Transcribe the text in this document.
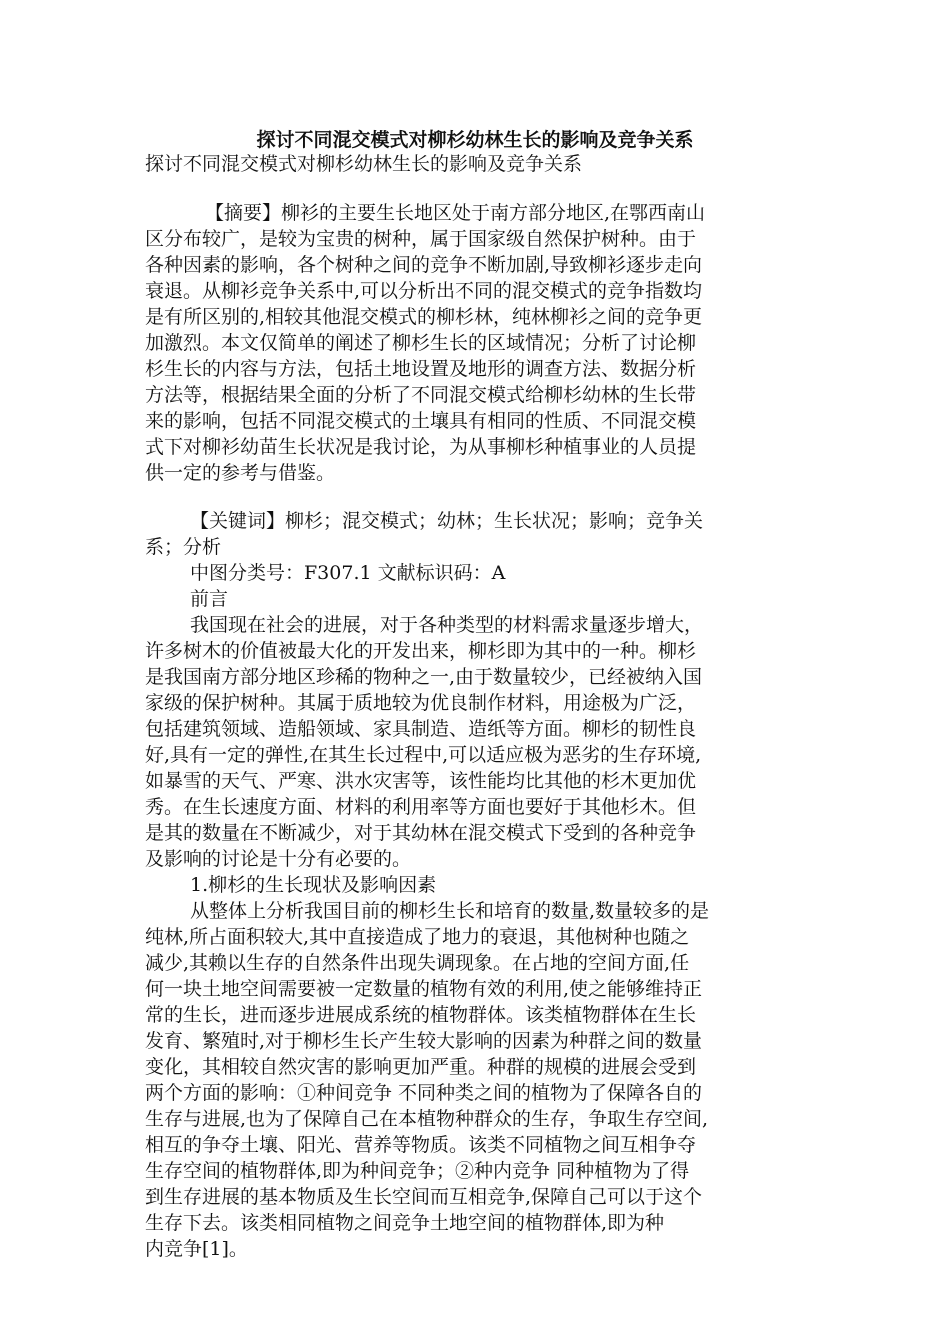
探讨不同混交模式对柳杉幼林生长的影响及竞争关系

探讨不同混交模式对柳杉幼林生长的影响及竞争关系

【摘要】柳衫的主要生长地区处于南方部分地区,在鄂西南山

区分布较广，是较为宝贵的树种，属于国家级自然保护树种。由于

各种因素的影响，各个树种之间的竞争不断加剧,导致柳衫逐步走向

衰退。从柳衫竞争关系中,可以分析出不同的混交模式的竞争指数均

是有所区别的,相较其他混交模式的柳杉林，纯林柳衫之间的竞争更

加激烈。本文仅简单的阐述了柳杉生长的区域情况；分析了讨论柳

杉生长的内容与方法，包括土地设置及地形的调查方法、数据分析

方法等，根据结果全面的分析了不同混交模式给柳杉幼林的生长带

来的影响，包括不同混交模式的土壤具有相同的性质、不同混交模

式下对柳衫幼苗生长状况是我讨论，为从事柳杉种植事业的人员提

供一定的参考与借鉴。

【关键词】柳杉；混交模式；幼林；生长状况；影响；竞争关

系；分析

中图分类号：F307.1 文献标识码：A

前言

我国现在社会的进展，对于各种类型的材料需求量逐步增大，

许多树木的价值被最大化的开发出来，柳杉即为其中的一种。柳杉

是我国南方部分地区珍稀的物种之一,由于数量较少，已经被纳入国

家级的保护树种。其属于质地较为优良制作材料，用途极为广泛，

包括建筑领域、造船领域、家具制造、造纸等方面。柳杉的韧性良

好,具有一定的弹性,在其生长过程中,可以适应极为恶劣的生存环境,

如暴雪的天气、严寒、洪水灾害等，该性能均比其他的杉木更加优

秀。在生长速度方面、材料的利用率等方面也要好于其他杉木。但

是其的数量在不断减少，对于其幼林在混交模式下受到的各种竞争

及影响的讨论是十分有必要的。

1.柳杉的生长现状及影响因素

从整体上分析我国目前的柳杉生长和培育的数量,数量较多的是

纯林,所占面积较大,其中直接造成了地力的衰退，其他树种也随之

减少,其赖以生存的自然条件出现失调现象。在占地的空间方面,任

何一块土地空间需要被一定数量的植物有效的利用,使之能够维持正

常的生长，进而逐步进展成系统的植物群体。该类植物群体在生长

发育、繁殖时,对于柳杉生长产生较大影响的因素为种群之间的数量

变化，其相较自然灾害的影响更加严重。种群的规模的进展会受到

两个方面的影响：①种间竞争 不同种类之间的植物为了保障各自的

生存与进展,也为了保障自己在本植物种群众的生存，争取生存空间,

相互的争夺土壤、阳光、营养等物质。该类不同植物之间互相争夺

生存空间的植物群体,即为种间竞争；②种内竞争 同种植物为了得

到生存进展的基本物质及生长空间而互相竞争,保障自己可以于这个

生存下去。该类相同植物之间竞争土地空间的植物群体,即为种

内竞争[1]。
